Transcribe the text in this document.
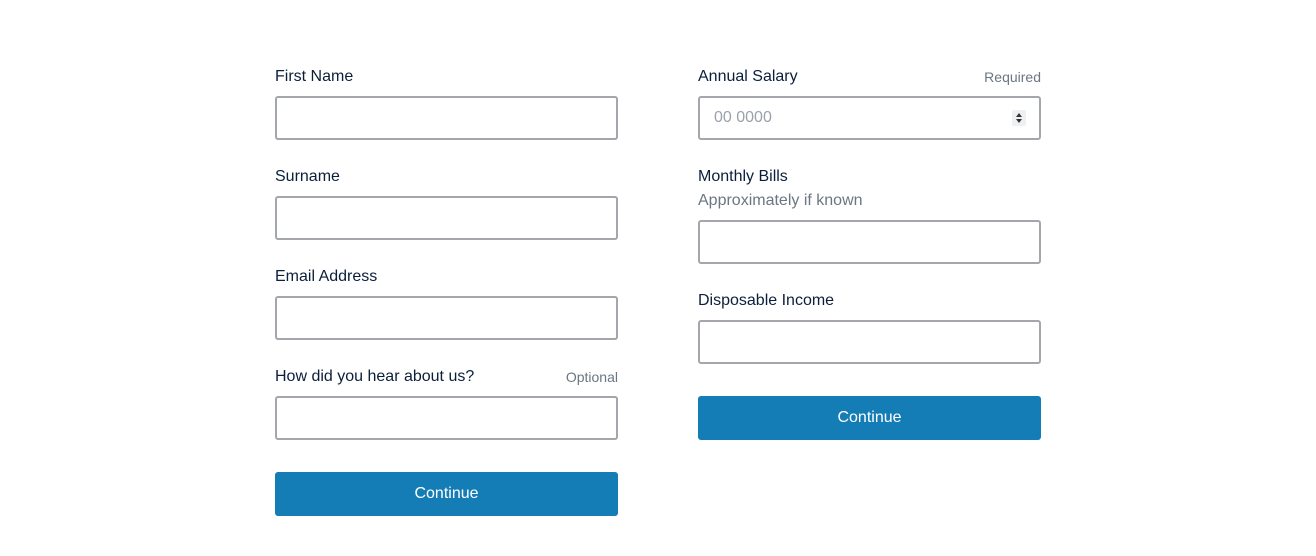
First Name
Surname
Email Address
How did you hear about us?	Optional
Continue
Annual Salary	Required
00 0000
Monthly Bills
Approximately if known
Disposable Income
Continue
